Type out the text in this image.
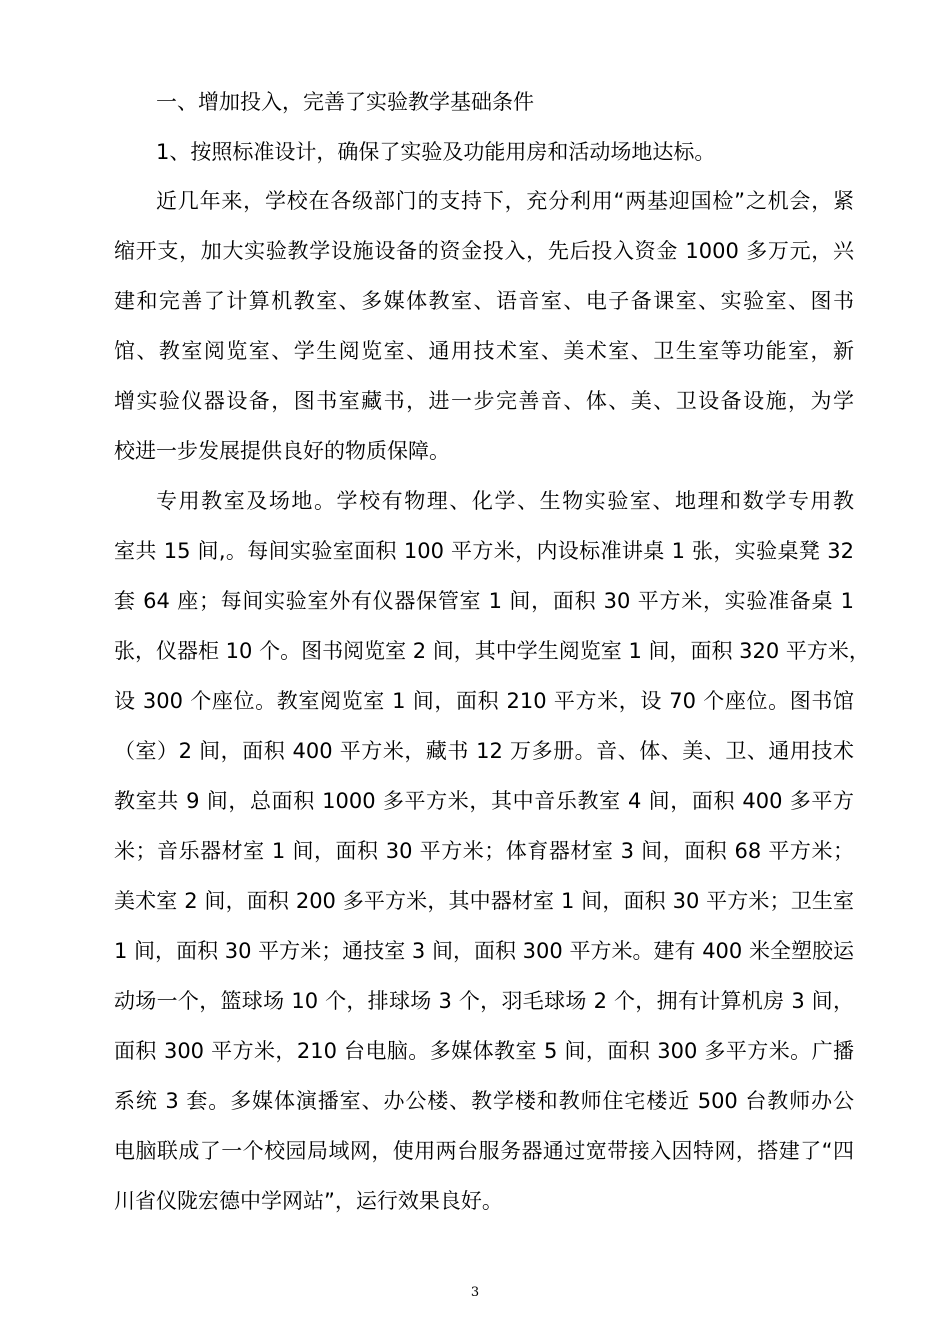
一、增加投入，完善了实验教学基础条件
1、按照标准设计，确保了实验及功能用房和活动场地达标。
近几年来，学校在各级部门的支持下，充分利用“两基迎国检”之机会，紧
缩开支，加大实验教学设施设备的资金投入，先后投入资金 1000 多万元，兴
建和完善了计算机教室、多媒体教室、语音室、电子备课室、实验室、图书
馆、教室阅览室、学生阅览室、通用技术室、美术室、卫生室等功能室，新
增实验仪器设备，图书室藏书，进一步完善音、体、美、卫设备设施，为学
校进一步发展提供良好的物质保障。
专用教室及场地。学校有物理、化学、生物实验室、地理和数学专用教
室共 15 间,。每间实验室面积 100 平方米，内设标准讲桌 1 张，实验桌凳 32
套 64 座；每间实验室外有仪器保管室 1 间，面积 30 平方米，实验准备桌 1
张，仪器柜 10 个。图书阅览室 2 间，其中学生阅览室 1 间，面积 320 平方米，
设 300 个座位。教室阅览室 1 间，面积 210 平方米，设 70 个座位。图书馆
（室）2 间，面积 400 平方米，藏书 12 万多册。音、体、美、卫、通用技术
教室共 9 间，总面积 1000 多平方米，其中音乐教室 4 间，面积 400 多平方
米；音乐器材室 1 间，面积 30 平方米；体育器材室 3 间，面积 68 平方米；
美术室 2 间，面积 200 多平方米，其中器材室 1 间，面积 30 平方米；卫生室
1 间，面积 30 平方米；通技室 3 间，面积 300 平方米。建有 400 米全塑胶运
动场一个，篮球场 10 个，排球场 3 个，羽毛球场 2 个，拥有计算机房 3 间，
面积 300 平方米，210 台电脑。多媒体教室 5 间，面积 300 多平方米。广播
系统 3 套。多媒体演播室、办公楼、教学楼和教师住宅楼近 500 台教师办公
电脑联成了一个校园局域网，使用两台服务器通过宽带接入因特网，搭建了“四
川省仪陇宏德中学网站”，运行效果良好。
3
